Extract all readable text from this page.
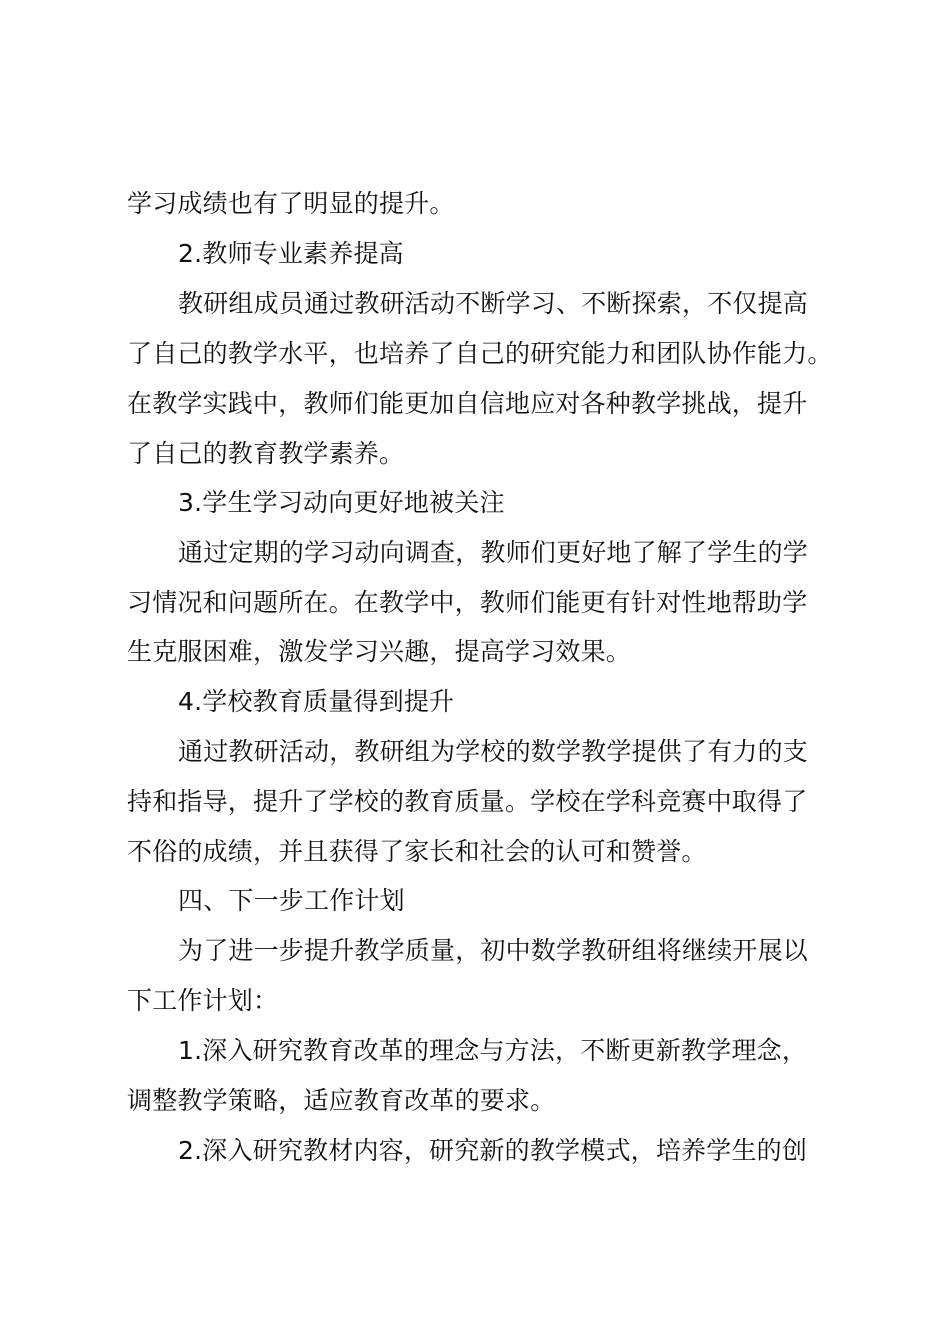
学习成绩也有了明显的提升。
2.教师专业素养提高
教研组成员通过教研活动不断学习、不断探索，不仅提高
了自己的教学水平，也培养了自己的研究能力和团队协作能力。
在教学实践中，教师们能更加自信地应对各种教学挑战，提升
了自己的教育教学素养。
3.学生学习动向更好地被关注
通过定期的学习动向调查，教师们更好地了解了学生的学
习情况和问题所在。在教学中，教师们能更有针对性地帮助学
生克服困难，激发学习兴趣，提高学习效果。
4.学校教育质量得到提升
通过教研活动，教研组为学校的数学教学提供了有力的支
持和指导，提升了学校的教育质量。学校在学科竞赛中取得了
不俗的成绩，并且获得了家长和社会的认可和赞誉。
四、下一步工作计划
为了进一步提升教学质量，初中数学教研组将继续开展以
下工作计划：
1.深入研究教育改革的理念与方法，不断更新教学理念，
调整教学策略，适应教育改革的要求。
2.深入研究教材内容，研究新的教学模式，培养学生的创
